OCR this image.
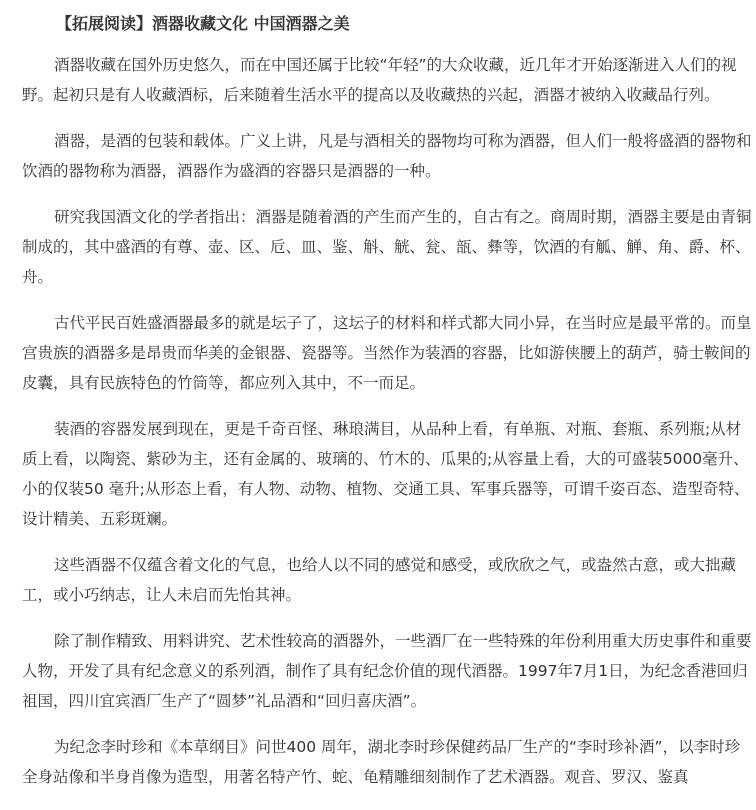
【拓展阅读】酒器收藏文化 中国酒器之美

酒器收藏在国外历史悠久，而在中国还属于比较“年轻”的大众收藏，近几年才开始逐渐进入人们的视野。起初只是有人收藏酒标，后来随着生活水平的提高以及收藏热的兴起，酒器才被纳入收藏品行列。

酒器，是酒的包装和载体。广义上讲，凡是与酒相关的器物均可称为酒器，但人们一般将盛酒的器物和饮酒的器物称为酒器，酒器作为盛酒的容器只是酒器的一种。

研究我国酒文化的学者指出：酒器是随着酒的产生而产生的，自古有之。商周时期，酒器主要是由青铜制成的，其中盛酒的有尊、壶、区、卮、皿、鉴、斛、觥、瓮、瓿、彝等，饮酒的有觚、觯、角、爵、杯、舟。

古代平民百姓盛酒器最多的就是坛子了，这坛子的材料和样式都大同小异，在当时应是最平常的。而皇宫贵族的酒器多是昂贵而华美的金银器、瓷器等。当然作为装酒的容器，比如游侠腰上的葫芦，骑士鞍间的皮囊，具有民族特色的竹筒等，都应列入其中，不一而足。

装酒的容器发展到现在，更是千奇百怪、琳琅满目，从品种上看，有单瓶、对瓶、套瓶、系列瓶;从材质上看，以陶瓷、紫砂为主，还有金属的、玻璃的、竹木的、瓜果的;从容量上看，大的可盛装5000毫升、小的仅装50 毫升;从形态上看，有人物、动物、植物、交通工具、军事兵器等，可谓千姿百态、造型奇特、设计精美、五彩斑斓。

这些酒器不仅蕴含着文化的气息，也给人以不同的感觉和感受，或欣欣之气，或盎然古意，或大拙藏工，或小巧纳志，让人未启而先怡其神。

除了制作精致、用料讲究、艺术性较高的酒器外，一些酒厂在一些特殊的年份利用重大历史事件和重要人物，开发了具有纪念意义的系列酒，制作了具有纪念价值的现代酒器。1997年7月1日，为纪念香港回归祖国，四川宜宾酒厂生产了“圆梦”礼品酒和“回归喜庆酒”。

为纪念李时珍和《本草纲目》问世400 周年，湖北李时珍保健药品厂生产的“李时珍补酒”，以李时珍全身站像和半身肖像为造型，用著名特产竹、蛇、龟精雕细刻制作了艺术酒器。观音、罗汉、鉴真
